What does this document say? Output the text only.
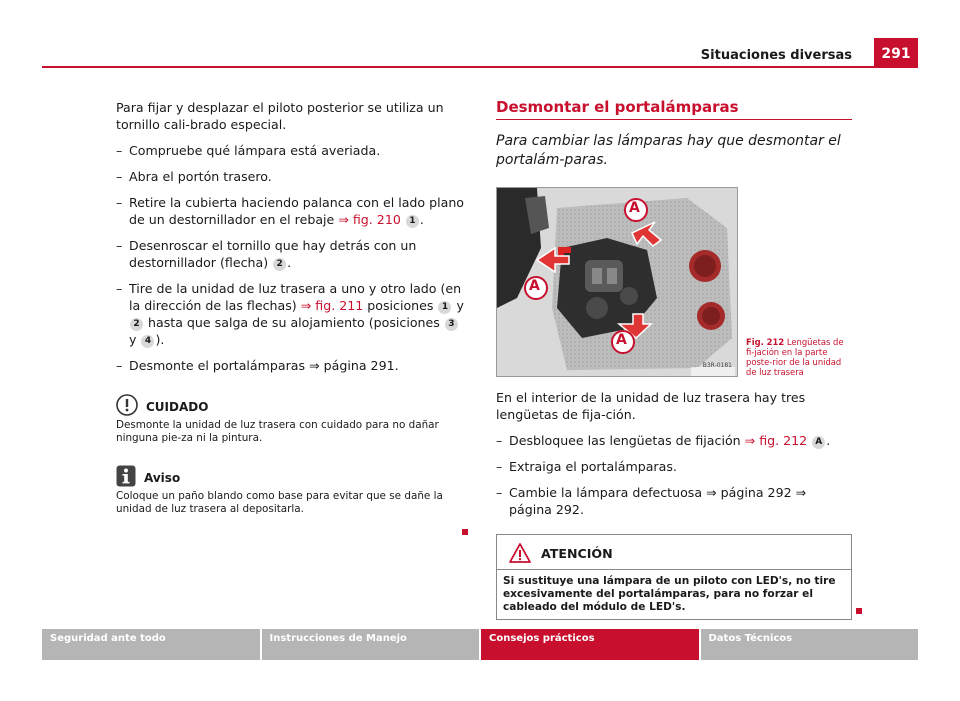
Situaciones diversas	291

Para fijar y desplazar el piloto posterior se utiliza un tornillo cali-brado especial.

– Compruebe qué lámpara está averiada.
– Abra el portón trasero.
– Retire la cubierta haciendo palanca con el lado plano de un destornillador en el rebaje ⇒ fig. 210 1 .
– Desenroscar el tornillo que hay detrás con un destornillador (flecha) 2 .
– Tire de la unidad de luz trasera a uno y otro lado (en la dirección de las flechas) ⇒ fig. 211 posiciones 1 y 2 hasta que salga de su alojamiento (posiciones 3 y 4 ).
– Desmonte el portalámparas ⇒ página 291.
CUIDADO

Desmonte la unidad de luz trasera con cuidado para no dañar ninguna pie-za ni la pintura.

Aviso

Coloque un paño blando como base para evitar que se dañe la unidad de luz trasera al depositarla.

Desmontar el portalámparas

Para cambiar las lámparas hay que desmontar el portalám-paras.

A
A
A
B3R-0181
Fig. 212 Lengüetas de fi-jación en la parte poste-rior de la unidad de luz trasera

En el interior de la unidad de luz trasera hay tres lengüetas de fija-ción.

– Desbloquee las lengüetas de fijación ⇒ fig. 212 A .
– Extraiga el portalámparas.
– Cambie la lámpara defectuosa ⇒ página 292 ⇒ página 292.
ATENCIÓN

Si sustituye una lámpara de un piloto con LED's, no tire excesivamente del portalámparas, para no forzar el cableado del módulo de LED's.

Seguridad ante todo	Instrucciones de Manejo	Consejos prácticos	Datos Técnicos
